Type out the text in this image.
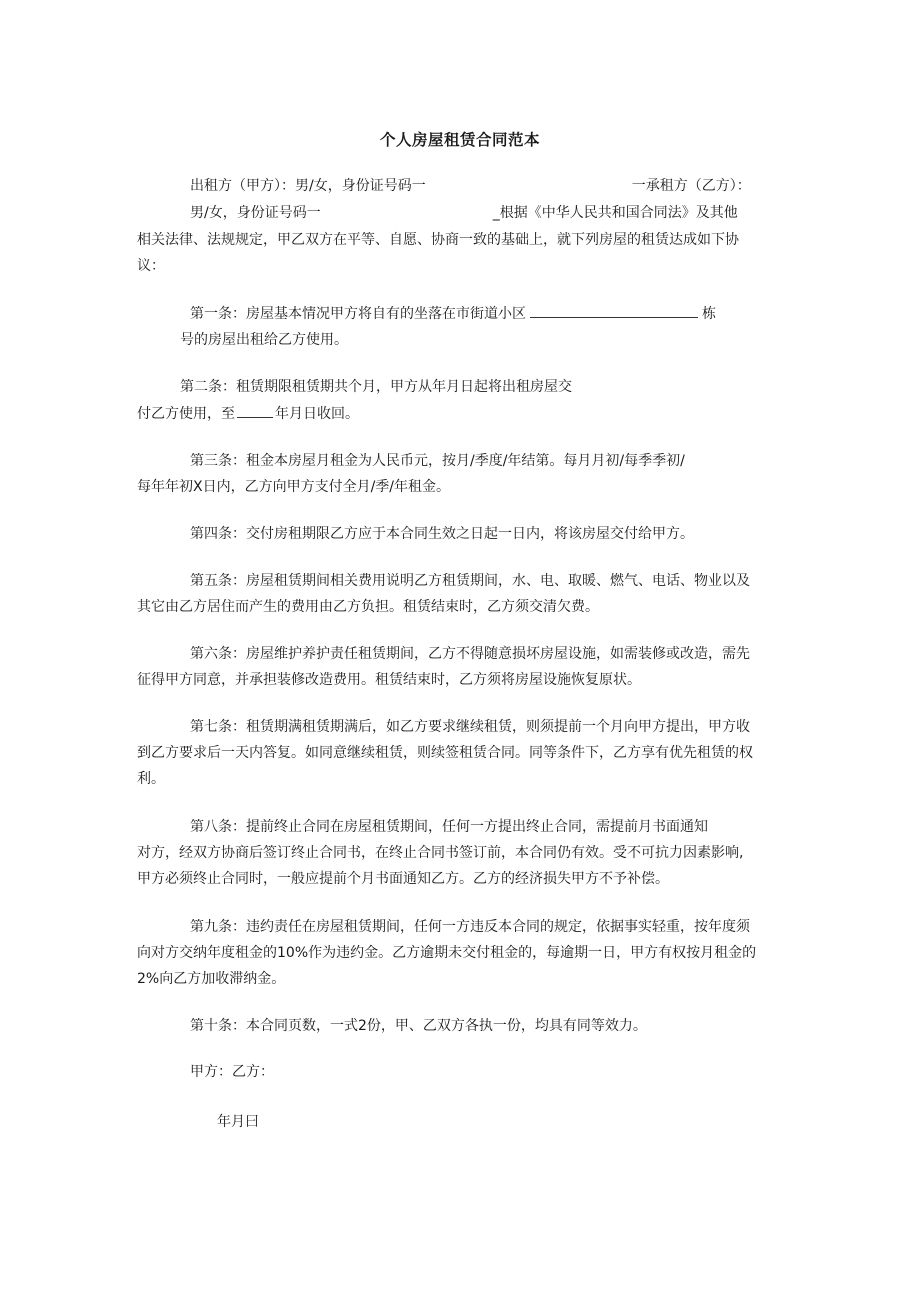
个人房屋租赁合同范本
出租方（甲方）：男/女，身份证号码一	一承租方（乙方）：
男/女，身份证号码一	_根据《中华人民共和国合同法》及其他
相关法律、法规规定，甲乙双方在平等、自愿、协商一致的基础上，就下列房屋的租赁达成如下协
议：
第一条：房屋基本情况甲方将自有的坐落在市街道小区	栋
号的房屋出租给乙方使用。
第二条：租赁期限租赁期共个月，甲方从年月日起将出租房屋交
付乙方使用，至	年月日收回。
第三条：租金本房屋月租金为人民币元，按月/季度/年结第。每月月初/每季季初/
每年年初X日内，乙方向甲方支付全月/季/年租金。
第四条：交付房租期限乙方应于本合同生效之日起一日内，将该房屋交付给甲方。
第五条：房屋租赁期间相关费用说明乙方租赁期间，水、电、取暖、燃气、电话、物业以及
其它由乙方居住而产生的费用由乙方负担。租赁结束时，乙方须交清欠费。
第六条：房屋维护养护责任租赁期间，乙方不得随意损坏房屋设施，如需装修或改造，需先
征得甲方同意，并承担装修改造费用。租赁结束时，乙方须将房屋设施恢复原状。
第七条：租赁期满租赁期满后，如乙方要求继续租赁，则须提前一个月向甲方提出，甲方收
到乙方要求后一天内答复。如同意继续租赁，则续签租赁合同。同等条件下，乙方享有优先租赁的权
利。
第八条：提前终止合同在房屋租赁期间，任何一方提出终止合同，需提前月书面通知
对方，经双方协商后签订终止合同书，在终止合同书签订前，本合同仍有效。受不可抗力因素影响,
甲方必须终止合同时，一般应提前个月书面通知乙方。乙方的经济损失甲方不予补偿。
第九条：违约责任在房屋租赁期间，任何一方违反本合同的规定，依据事实轻重，按年度须
向对方交纳年度租金的10%作为违约金。乙方逾期未交付租金的，每逾期一日，甲方有权按月租金的
2%向乙方加收滞纳金。
第十条：本合同页数，一式2份，甲、乙双方各执一份，均具有同等效力。
甲方：乙方：
年月曰
